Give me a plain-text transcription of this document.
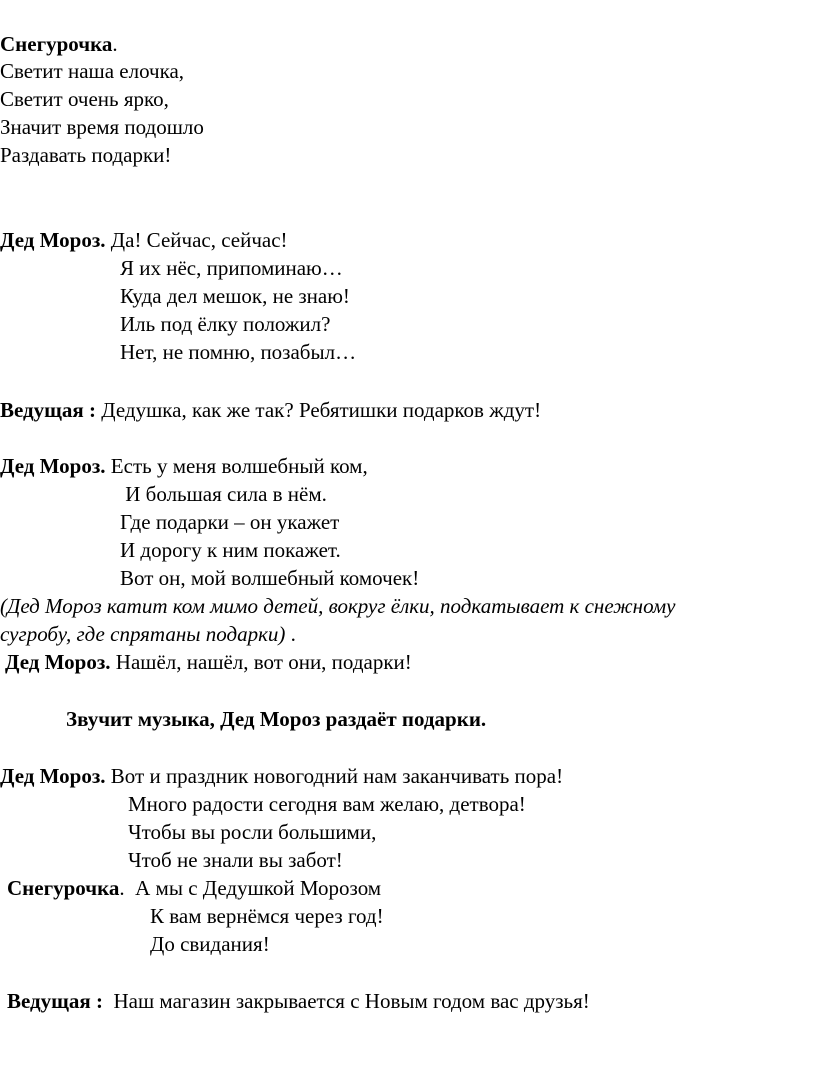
Снегурочка.
Светит наша елочка,
Светит очень ярко,
Значит время подошло
Раздавать подарки!
Дед Мороз. Да! Сейчас, сейчас!
Я их нёс, припоминаю…
Куда дел мешок, не знаю!
Иль под ёлку положил?
Нет, не помню, позабыл…
Ведущая : Дедушка, как же так? Ребятишки подарков ждут!
Дед Мороз. Есть у меня волшебный ком,
И большая сила в нём.
Где подарки – он укажет
И дорогу к ним покажет.
Вот он, мой волшебный комочек!
(Дед Мороз катит ком мимо детей, вокруг ёлки, подкатывает к снежному
сугробу, где спрятаны подарки) .
Дед Мороз. Нашёл, нашёл, вот они, подарки!
Звучит музыка, Дед Мороз раздаёт подарки.
Дед Мороз. Вот и праздник новогодний нам заканчивать пора!
Много радости сегодня вам желаю, детвора!
Чтобы вы росли большими,
Чтоб не знали вы забот!
Снегурочка.  А мы с Дедушкой Морозом
К вам вернёмся через год!
До свидания!
Ведущая :  Наш магазин закрывается с Новым годом вас друзья!
